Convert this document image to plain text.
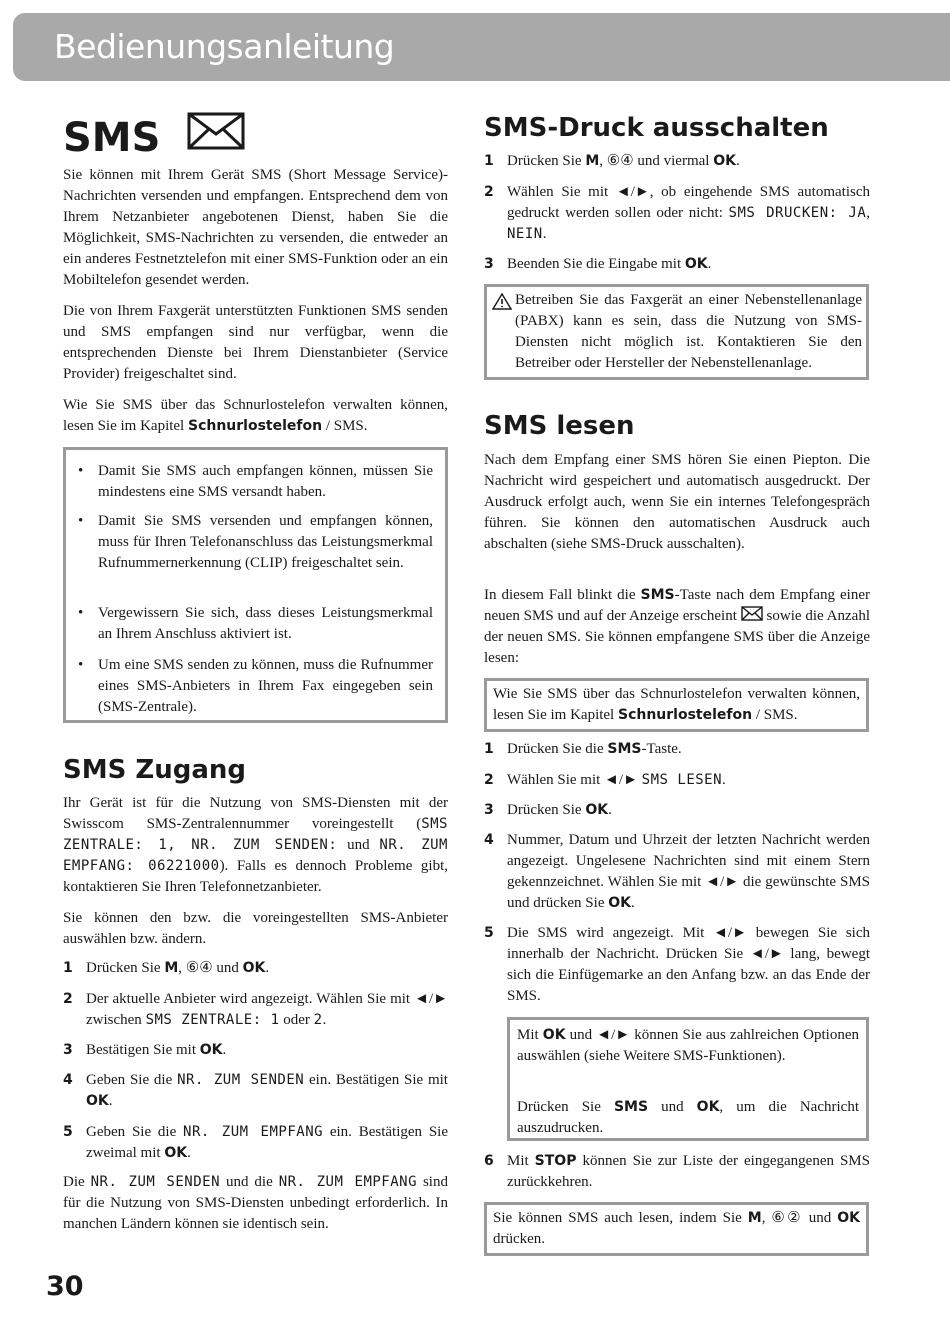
Bedienungsanleitung
SMS

Sie können mit Ihrem Gerät SMS (Short Message Service)-Nachrichten versenden und empfangen. Entsprechend dem von Ihrem Netzanbieter angebotenen Dienst, haben Sie die Möglichkeit, SMS-Nachrichten zu versenden, die entweder an ein anderes Festnetztelefon mit einer SMS-Funktion oder an ein Mobiltelefon gesendet werden.

Die von Ihrem Faxgerät unterstützten Funktionen SMS senden und SMS empfangen sind nur verfügbar, wenn die entsprechenden Dienste bei Ihrem Dienstanbieter (Service Provider) freigeschaltet sind.

Wie Sie SMS über das Schnurlostelefon verwalten können, lesen Sie im Kapitel Schnurlostelefon / SMS.

• Damit Sie SMS auch empfangen können, müssen Sie mindestens eine SMS versandt haben.
• Damit Sie SMS versenden und empfangen können, muss für Ihren Telefonanschluss das Leistungsmerkmal Rufnummernerkennung (CLIP) freigeschaltet sein.
• Vergewissern Sie sich, dass dieses Leistungsmerkmal an Ihrem Anschluss aktiviert ist.
• Um eine SMS senden zu können, muss die Rufnummer eines SMS-Anbieters in Ihrem Fax eingegeben sein (SMS-Zentrale).
SMS Zugang

Ihr Gerät ist für die Nutzung von SMS-Diensten mit der Swisscom SMS-Zentralennummer voreingestellt (SMS ZENTRALE: 1, NR. ZUM SENDEN: und NR. ZUM EMPFANG: 06221000). Falls es dennoch Probleme gibt, kontaktieren Sie Ihren Telefonnetzanbieter.

Sie können den bzw. die voreingestellten SMS-Anbieter auswählen bzw. ändern.

1 Drücken Sie M, ⑥④ und OK.
2 Der aktuelle Anbieter wird angezeigt. Wählen Sie mit ◄/► zwischen SMS ZENTRALE: 1 oder 2.
3 Bestätigen Sie mit OK.
4 Geben Sie die NR. ZUM SENDEN ein. Bestätigen Sie mit OK.
5 Geben Sie die NR. ZUM EMPFANG ein. Bestätigen Sie zweimal mit OK.

Die NR. ZUM SENDEN und die NR. ZUM EMPFANG sind für die Nutzung von SMS-Diensten unbedingt erforderlich. In manchen Ländern können sie identisch sein.

SMS-Druck ausschalten
1 Drücken Sie M, ⑥④ und viermal OK.
2 Wählen Sie mit ◄/►, ob eingehende SMS automatisch gedruckt werden sollen oder nicht: SMS DRUCKEN: JA, NEIN.
3 Beenden Sie die Eingabe mit OK.

Betreiben Sie das Faxgerät an einer Nebenstellenanlage (PABX) kann es sein, dass die Nutzung von SMS-Diensten nicht möglich ist. Kontaktieren Sie den Betreiber oder Hersteller der Nebenstellenanlage.

SMS lesen

Nach dem Empfang einer SMS hören Sie einen Piepton. Die Nachricht wird gespeichert und automatisch ausgedruckt. Der Ausdruck erfolgt auch, wenn Sie ein internes Telefongespräch führen. Sie können den automatischen Ausdruck auch abschalten (siehe SMS-Druck ausschalten).

In diesem Fall blinkt die SMS-Taste nach dem Empfang einer neuen SMS und auf der Anzeige erscheint  sowie die Anzahl der neuen SMS. Sie können empfangene SMS über die Anzeige lesen:

Wie Sie SMS über das Schnurlostelefon verwalten können, lesen Sie im Kapitel Schnurlostelefon / SMS.

1 Drücken Sie die SMS-Taste.
2 Wählen Sie mit ◄/► SMS LESEN.
3 Drücken Sie OK.
4 Nummer, Datum und Uhrzeit der letzten Nachricht werden angezeigt. Ungelesene Nachrichten sind mit einem Stern gekennzeichnet. Wählen Sie mit ◄/► die gewünschte SMS und drücken Sie OK.
5 Die SMS wird angezeigt. Mit ◄/► bewegen Sie sich innerhalb der Nachricht. Drücken Sie ◄/► lang, bewegt sich die Einfügemarke an den Anfang bzw. an das Ende der SMS.

Mit OK und ◄/► können Sie aus zahlreichen Optionen auswählen (siehe Weitere SMS-Funktionen).

Drücken Sie SMS und OK, um die Nachricht auszudrucken.

6 Mit STOP können Sie zur Liste der eingegangenen SMS zurückkehren.

Sie können SMS auch lesen, indem Sie M, ⑥② und OK drücken.

30
